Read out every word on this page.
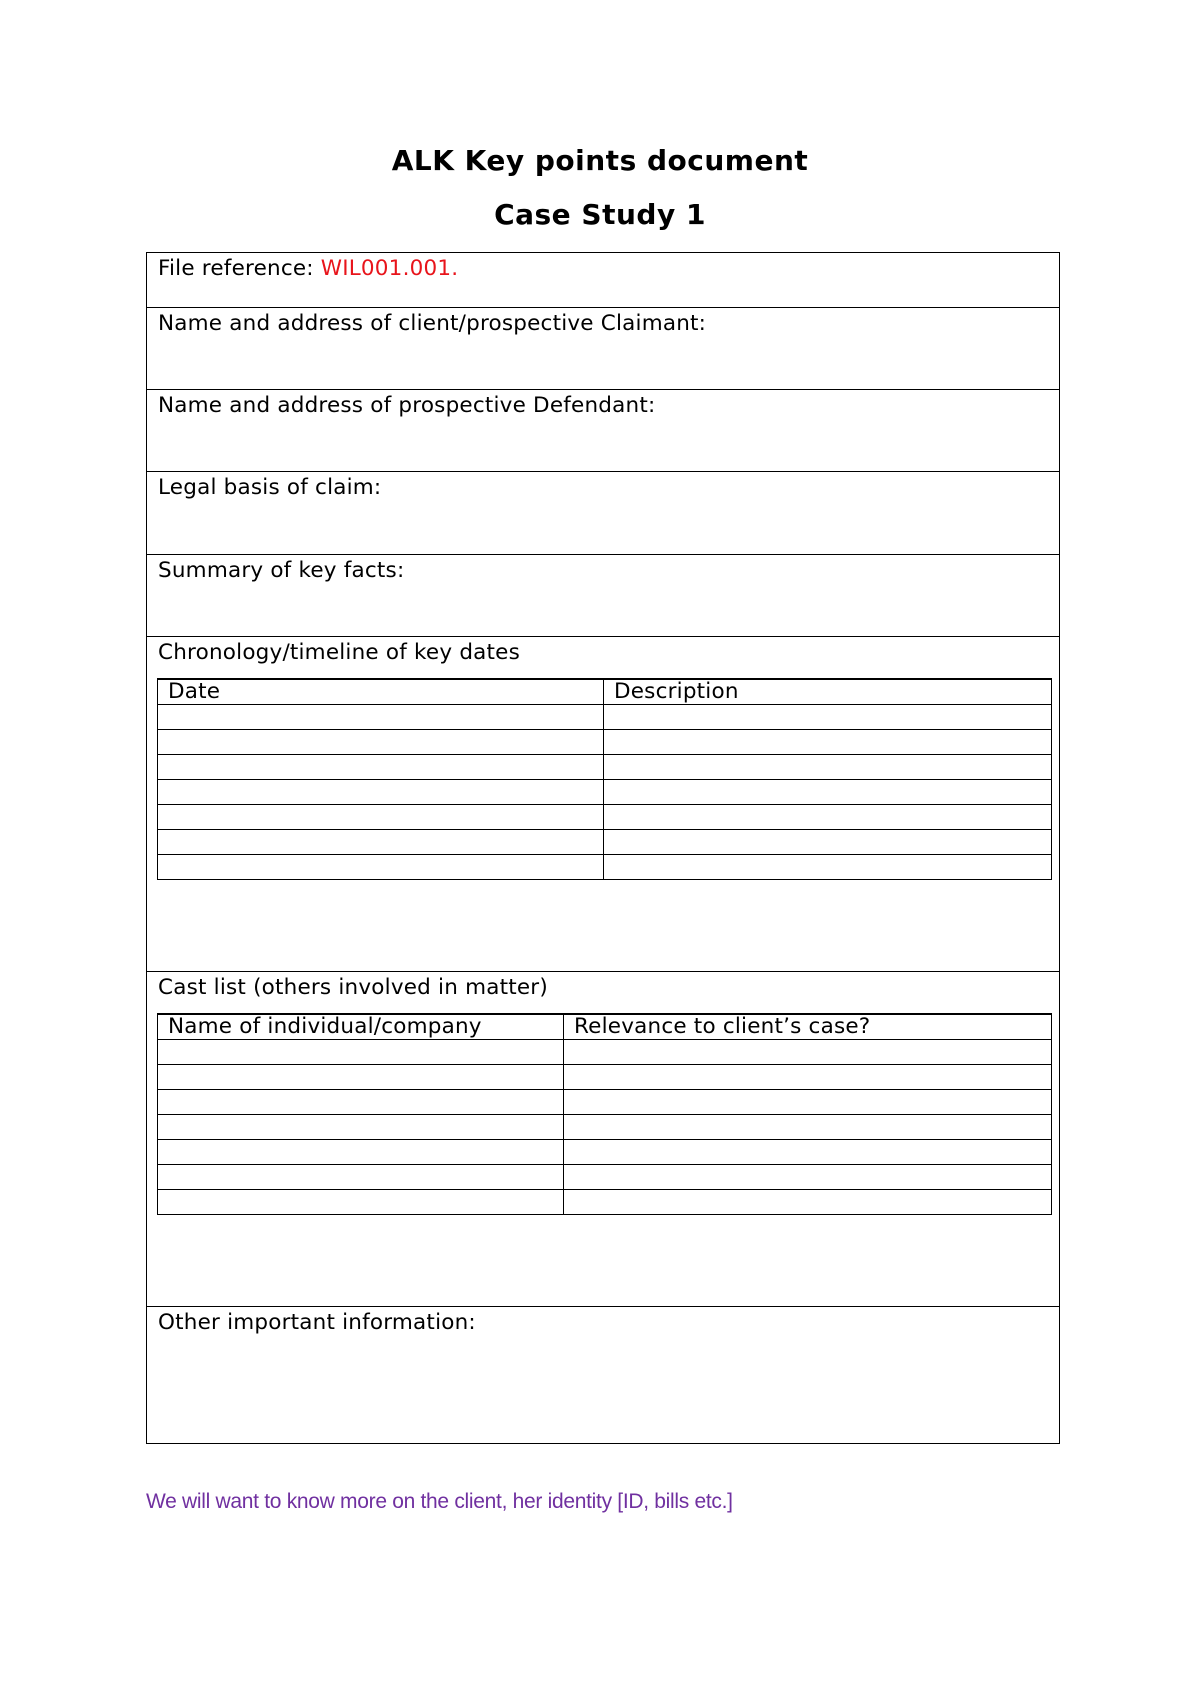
ALK Key points document
Case Study 1
File reference: WIL001.001.
Name and address of client/prospective Claimant:
Name and address of prospective Defendant:
Legal basis of claim:
Summary of key facts:
Chronology/timeline of key dates
Date	Description

Cast list (others involved in matter)
Name of individual/company	Relevance to client’s case?

Other important information:
We will want to know more on the client, her identity [ID, bills etc.]
